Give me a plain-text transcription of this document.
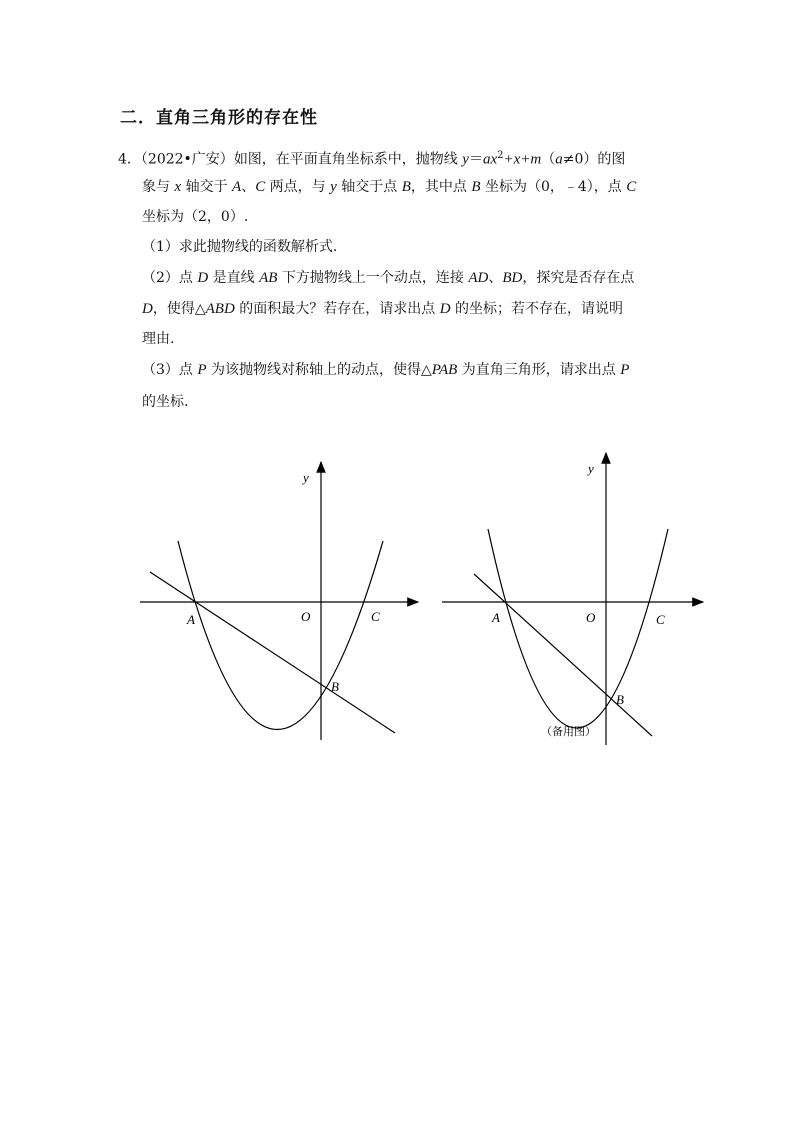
二．直角三角形的存在性
4．（2022•广安）如图，在平面直角坐标系中，抛物线 $y=ax^2+x+m(a\ne 0)$的图
象与 x 轴交于 A、C 两点，与 y 轴交于点 B，其中点 B 坐标为（0，﹣4），点 C
坐标为（2，0）.
（1）求此抛物线的函数解析式.
（2）点 D 是直线 AB 下方抛物线上一个动点，连接 AD、BD，探究是否存在点
D，使得△ABD 的面积最大？若存在，请求出点 D 的坐标；若不存在，请说明
理由.
（3）点 P 为该抛物线对称轴上的动点，使得△PAB 为直角三角形，请求出点 P
的坐标.
y
A	O	C
B
y
A	O	C
B
（备用图）
